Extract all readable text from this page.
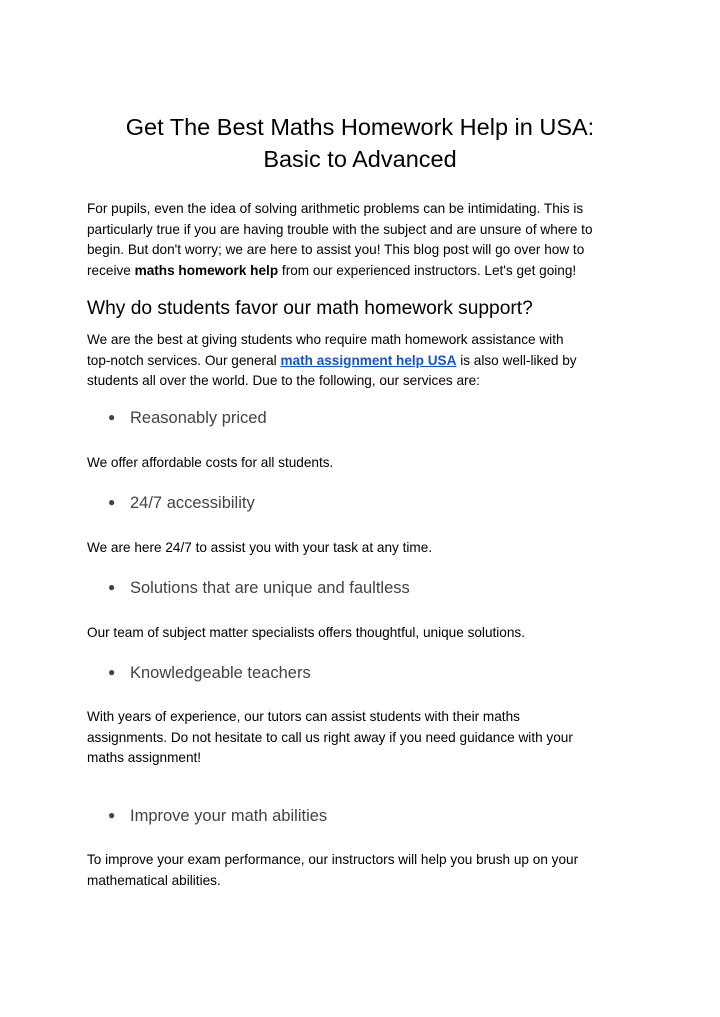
Get The Best Maths Homework Help in USA:
Basic to Advanced

For pupils, even the idea of solving arithmetic problems can be intimidating. This is
particularly true if you are having trouble with the subject and are unsure of where to
begin. But don't worry; we are here to assist you! This blog post will go over how to
receive maths homework help from our experienced instructors. Let's get going!

Why do students favor our math homework support?

We are the best at giving students who require math homework assistance with
top-notch services. Our general math assignment help USA is also well-liked by
students all over the world. Due to the following, our services are:

● Reasonably priced

We offer affordable costs for all students.

● 24/7 accessibility

We are here 24/7 to assist you with your task at any time.

● Solutions that are unique and faultless

Our team of subject matter specialists offers thoughtful, unique solutions.

● Knowledgeable teachers

With years of experience, our tutors can assist students with their maths
assignments. Do not hesitate to call us right away if you need guidance with your
maths assignment!

● Improve your math abilities

To improve your exam performance, our instructors will help you brush up on your
mathematical abilities.
